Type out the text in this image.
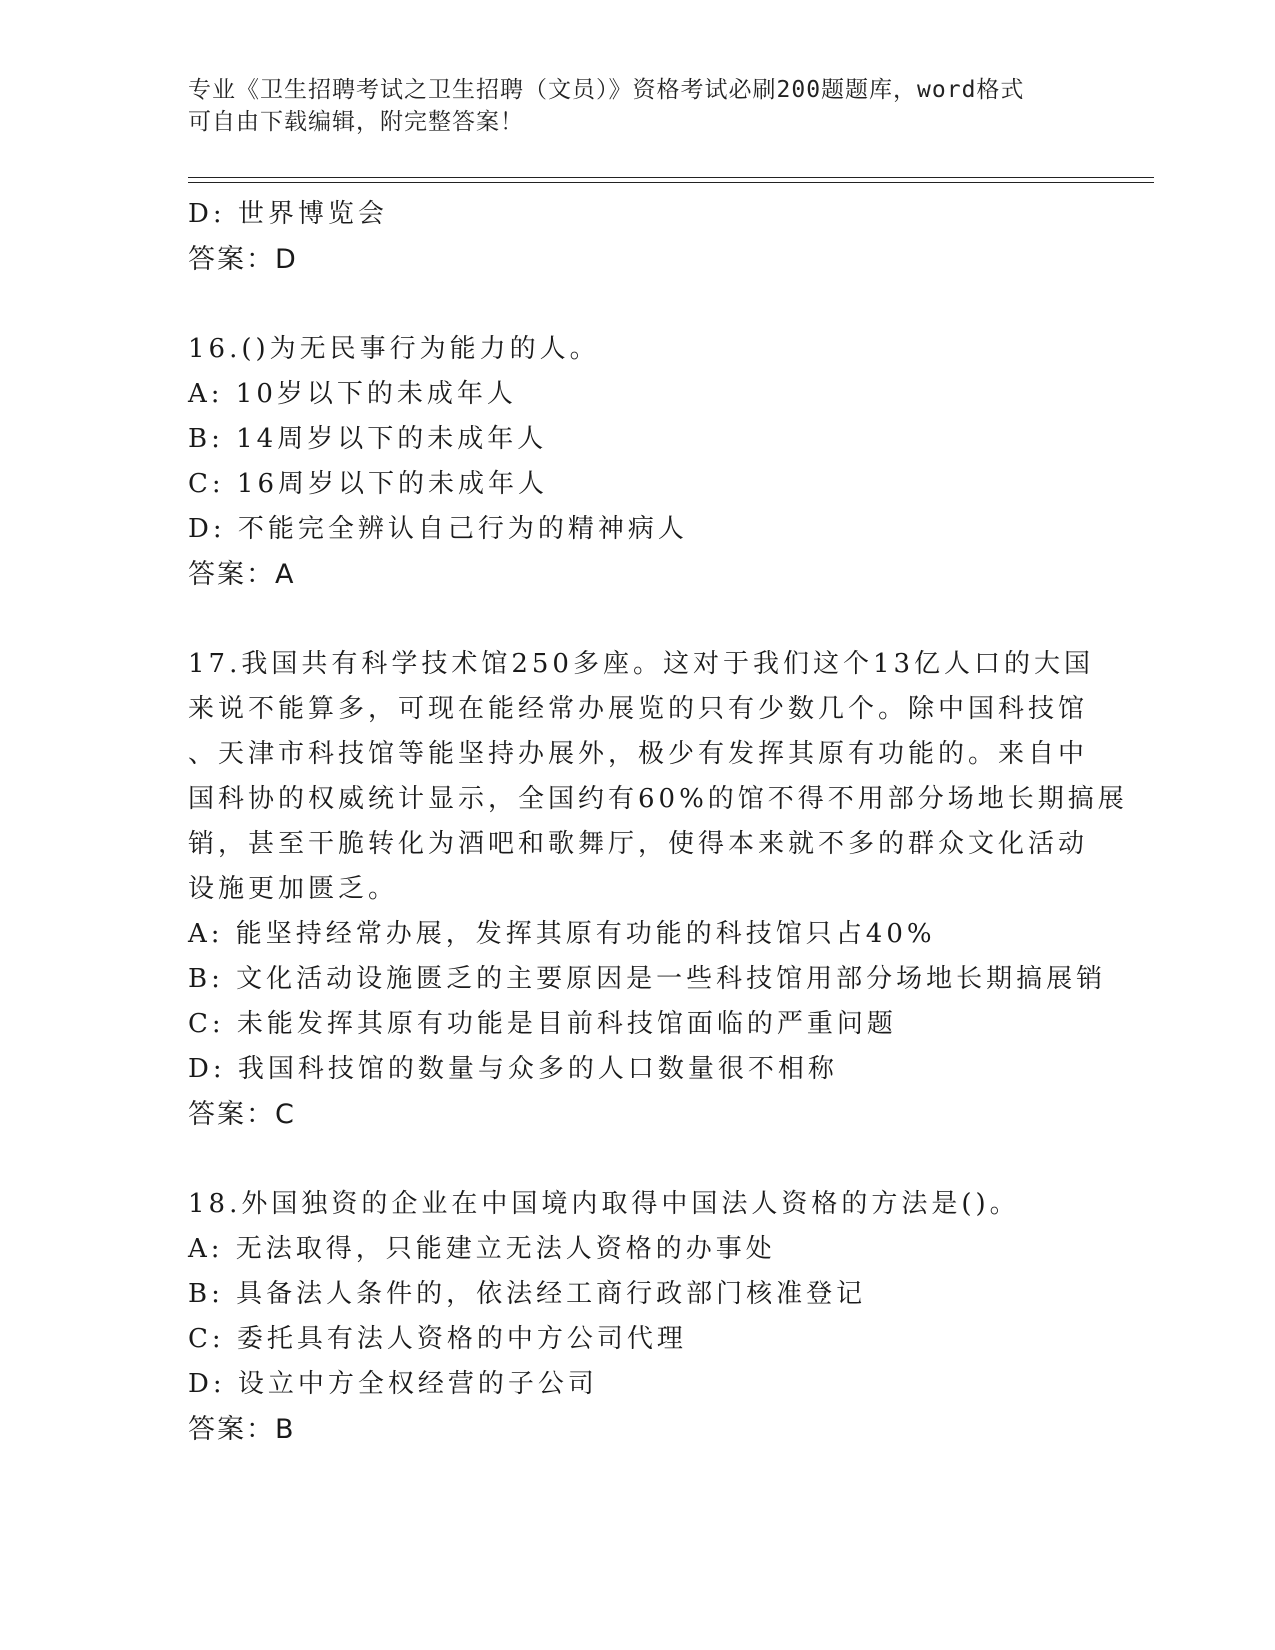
专业《卫生招聘考试之卫生招聘（文员）》资格考试必刷200题题库，word格式
可自由下载编辑，附完整答案！
D: 世界博览会
答案：D
16.()为无民事行为能力的人。
A: 10岁以下的未成年人
B: 14周岁以下的未成年人
C: 16周岁以下的未成年人
D: 不能完全辨认自己行为的精神病人
答案：A
17.我国共有科学技术馆250多座。这对于我们这个13亿人口的大国
来说不能算多，可现在能经常办展览的只有少数几个。除中国科技馆
、天津市科技馆等能坚持办展外，极少有发挥其原有功能的。来自中
国科协的权威统计显示，全国约有60%的馆不得不用部分场地长期搞展
销，甚至干脆转化为酒吧和歌舞厅，使得本来就不多的群众文化活动
设施更加匮乏。
A: 能坚持经常办展，发挥其原有功能的科技馆只占40%
B: 文化活动设施匮乏的主要原因是一些科技馆用部分场地长期搞展销
C: 未能发挥其原有功能是目前科技馆面临的严重问题
D: 我国科技馆的数量与众多的人口数量很不相称
答案：C
18.外国独资的企业在中国境内取得中国法人资格的方法是()。
A: 无法取得，只能建立无法人资格的办事处
B: 具备法人条件的，依法经工商行政部门核准登记
C: 委托具有法人资格的中方公司代理
D: 设立中方全权经营的子公司
答案：B
